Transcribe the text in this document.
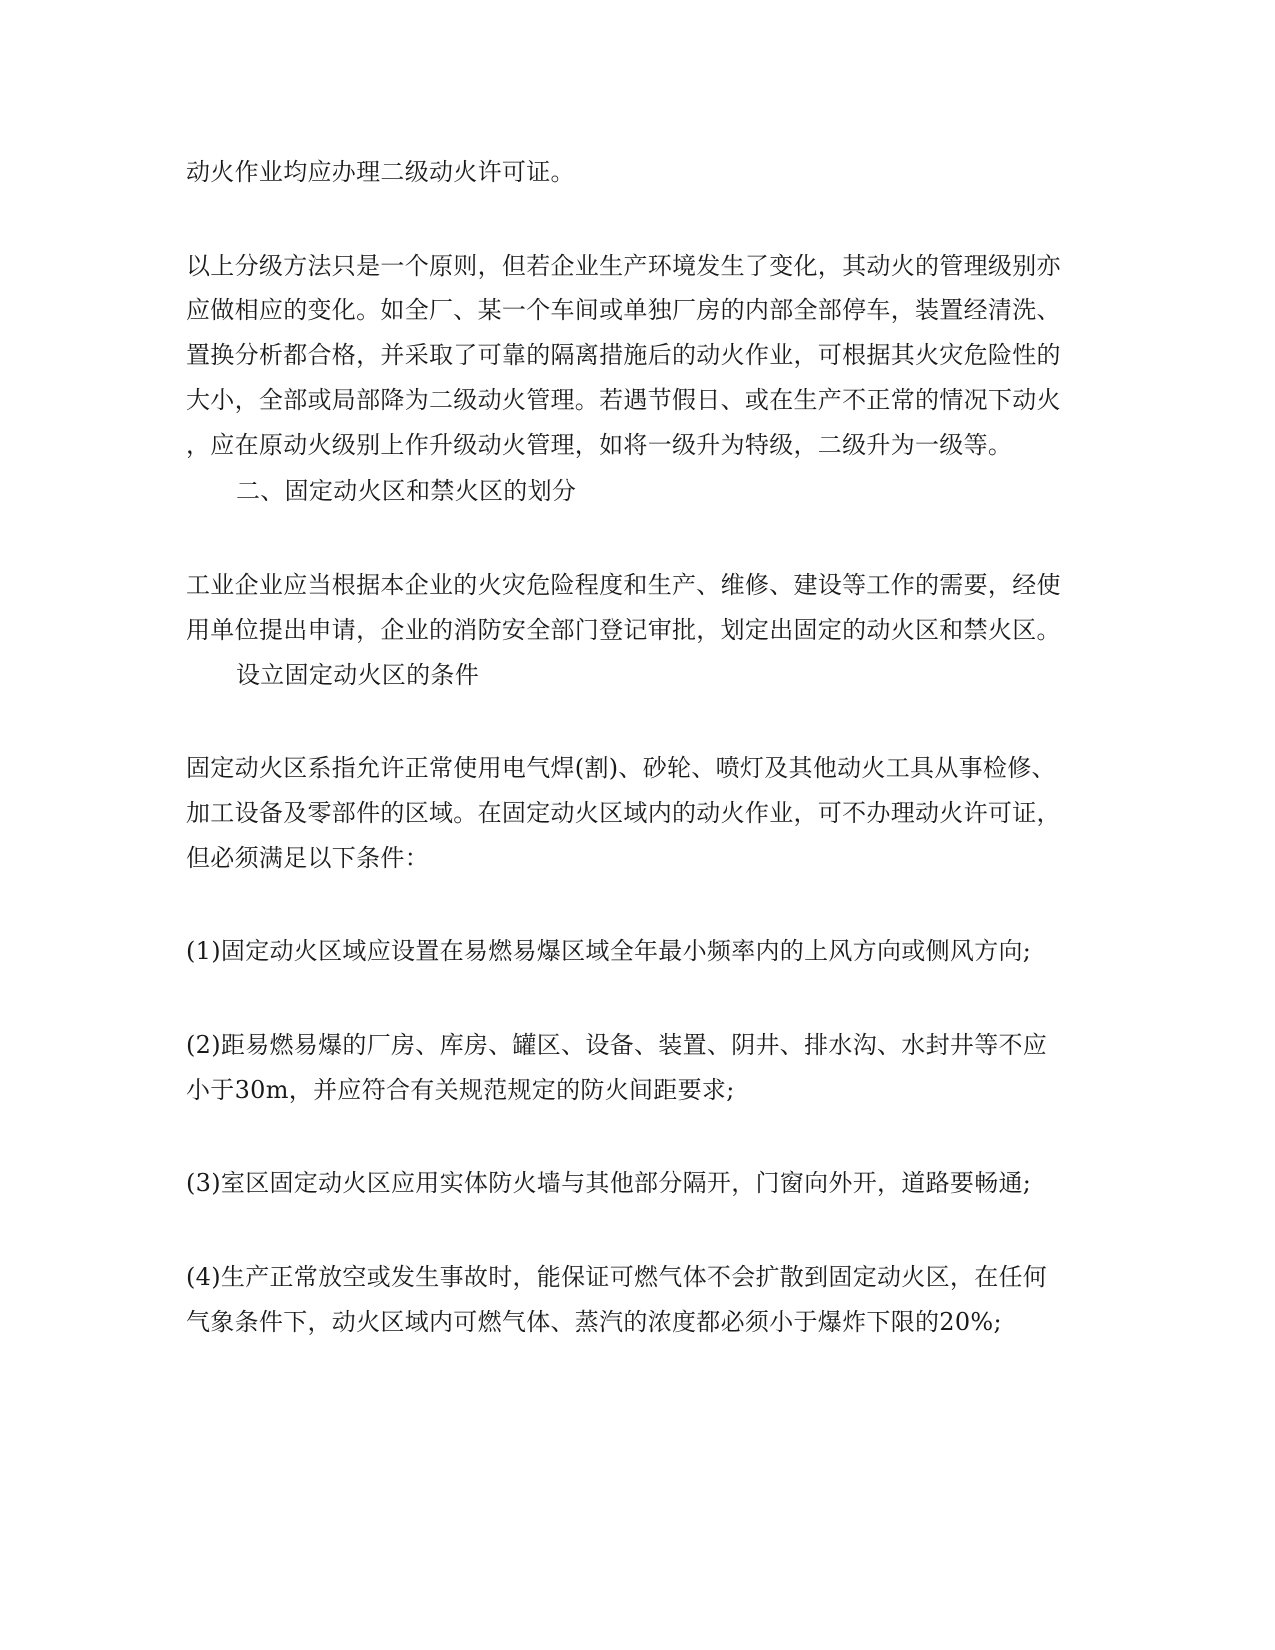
动火作业均应办理二级动火许可证。
以上分级方法只是一个原则，但若企业生产环境发生了变化，其动火的管理级别亦
应做相应的变化。如全厂、某一个车间或单独厂房的内部全部停车，装置经清洗、
置换分析都合格，并采取了可靠的隔离措施后的动火作业，可根据其火灾危险性的
大小，全部或局部降为二级动火管理。若遇节假日、或在生产不正常的情况下动火
，应在原动火级别上作升级动火管理，如将一级升为特级，二级升为一级等。
二、固定动火区和禁火区的划分
工业企业应当根据本企业的火灾危险程度和生产、维修、建设等工作的需要，经使
用单位提出申请，企业的消防安全部门登记审批，划定出固定的动火区和禁火区。
设立固定动火区的条件
固定动火区系指允许正常使用电气焊(割)、砂轮、喷灯及其他动火工具从事检修、
加工设备及零部件的区域。在固定动火区域内的动火作业，可不办理动火许可证，
但必须满足以下条件：
(1)固定动火区域应设置在易燃易爆区域全年最小频率内的上风方向或侧风方向;
(2)距易燃易爆的厂房、库房、罐区、设备、装置、阴井、排水沟、水封井等不应
小于30m，并应符合有关规范规定的防火间距要求;
(3)室区固定动火区应用实体防火墙与其他部分隔开，门窗向外开，道路要畅通;
(4)生产正常放空或发生事故时，能保证可燃气体不会扩散到固定动火区，在任何
气象条件下，动火区域内可燃气体、蒸汽的浓度都必须小于爆炸下限的20%;
